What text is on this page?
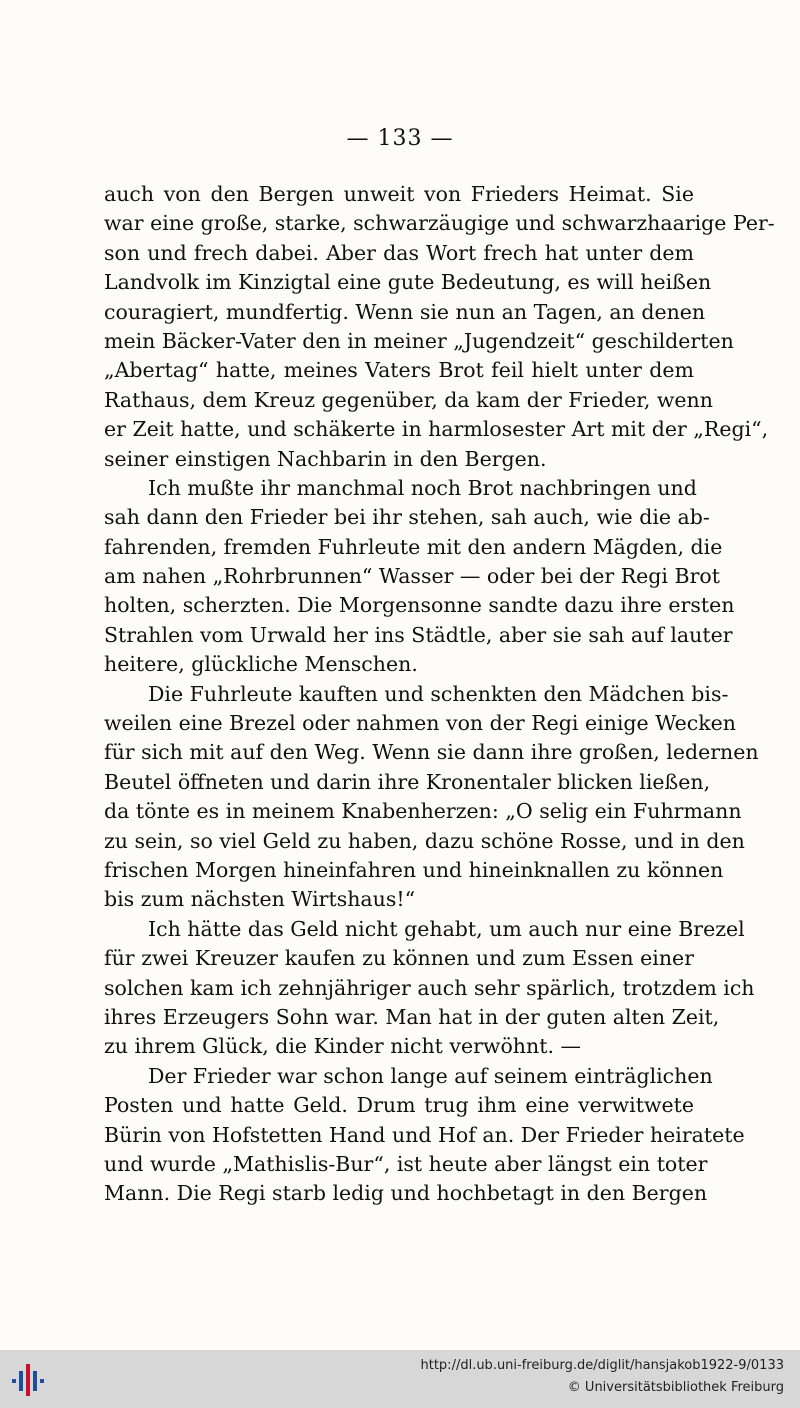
— 133 —
auch von den Bergen unweit von Frieders Heimat. Sie
war eine große, starke, schwarzäugige und schwarzhaarige Per-
son und frech dabei. Aber das Wort frech hat unter dem
Landvolk im Kinzigtal eine gute Bedeutung, es will heißen
couragiert, mundfertig. Wenn sie nun an Tagen, an denen
mein Bäcker-Vater den in meiner „Jugendzeit“ geschilderten
„Abertag“ hatte, meines Vaters Brot feil hielt unter dem
Rathaus, dem Kreuz gegenüber, da kam der Frieder, wenn
er Zeit hatte, und schäkerte in harmlosester Art mit der „Regi“,
seiner einstigen Nachbarin in den Bergen.
Ich mußte ihr manchmal noch Brot nachbringen und
sah dann den Frieder bei ihr stehen, sah auch, wie die ab-
fahrenden, fremden Fuhrleute mit den andern Mägden, die
am nahen „Rohrbrunnen“ Wasser — oder bei der Regi Brot
holten, scherzten. Die Morgensonne sandte dazu ihre ersten
Strahlen vom Urwald her ins Städtle, aber sie sah auf lauter
heitere, glückliche Menschen.
Die Fuhrleute kauften und schenkten den Mädchen bis-
weilen eine Brezel oder nahmen von der Regi einige Wecken
für sich mit auf den Weg. Wenn sie dann ihre großen, ledernen
Beutel öffneten und darin ihre Kronentaler blicken ließen,
da tönte es in meinem Knabenherzen: „O selig ein Fuhrmann
zu sein, so viel Geld zu haben, dazu schöne Rosse, und in den
frischen Morgen hineinfahren und hineinknallen zu können
bis zum nächsten Wirtshaus!“
Ich hätte das Geld nicht gehabt, um auch nur eine Brezel
für zwei Kreuzer kaufen zu können und zum Essen einer
solchen kam ich zehnjähriger auch sehr spärlich, trotzdem ich
ihres Erzeugers Sohn war. Man hat in der guten alten Zeit,
zu ihrem Glück, die Kinder nicht verwöhnt. —
Der Frieder war schon lange auf seinem einträglichen
Posten und hatte Geld. Drum trug ihm eine verwitwete
Bürin von Hofstetten Hand und Hof an. Der Frieder heiratete
und wurde „Mathislis-Bur“, ist heute aber längst ein toter
Mann. Die Regi starb ledig und hochbetagt in den Bergen
http://dl.ub.uni-freiburg.de/diglit/hansjakob1922-9/0133
© Universitätsbibliothek Freiburg
